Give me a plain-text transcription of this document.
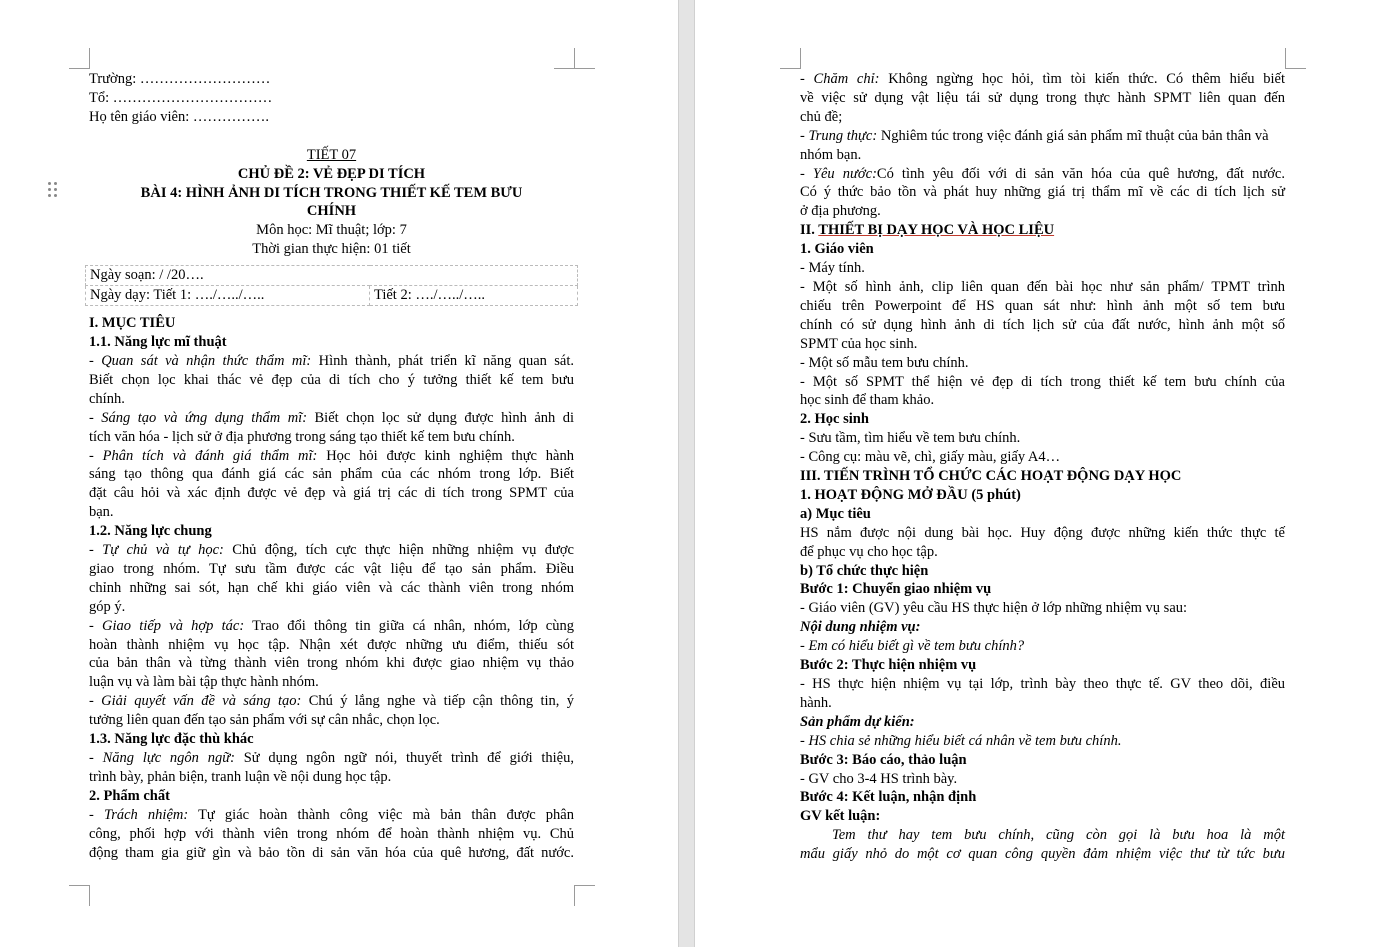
Trường: ………………………
Tổ: ……………………………
Họ tên giáo viên: …………….
TIẾT 07
CHỦ ĐỀ 2: VẺ ĐẸP DI TÍCH
BÀI 4: HÌNH ẢNH DI TÍCH TRONG THIẾT KẾ TEM BƯU
CHÍNH
Môn học: Mĩ thuật; lớp: 7
Thời gian thực hiện: 01 tiết
Ngày soạn: / /20….
Ngày dạy: Tiết 1: …./…../…..	Tiết 2: …./…../…..
I. MỤC TIÊU
1.1. Năng lực mĩ thuật
- Quan sát và nhận thức thẩm mĩ: Hình thành, phát triển kĩ năng quan sát.
Biết chọn lọc khai thác vẻ đẹp của di tích cho ý tưởng thiết kế tem bưu
chính.
- Sáng tạo và ứng dụng thẩm mĩ: Biết chọn lọc sử dụng được hình ảnh di
tích văn hóa - lịch sử ở địa phương trong sáng tạo thiết kế tem bưu chính.
- Phân tích và đánh giá thẩm mĩ: Học hỏi được kinh nghiệm thực hành
sáng tạo thông qua đánh giá các sản phẩm của các nhóm trong lớp. Biết
đặt câu hỏi và xác định được vẻ đẹp và giá trị các di tích trong SPMT của
bạn.
1.2. Năng lực chung
- Tự chủ và tự học: Chủ động, tích cực thực hiện những nhiệm vụ được
giao trong nhóm. Tự sưu tầm được các vật liệu để tạo sản phẩm. Điều
chỉnh những sai sót, hạn chế khi giáo viên và các thành viên trong nhóm
góp ý.
- Giao tiếp và hợp tác: Trao đổi thông tin giữa cá nhân, nhóm, lớp cùng
hoàn thành nhiệm vụ học tập. Nhận xét được những ưu điểm, thiếu sót
của bản thân và từng thành viên trong nhóm khi được giao nhiệm vụ thảo
luận vụ và làm bài tập thực hành nhóm.
- Giải quyết vấn đề và sáng tạo: Chú ý lắng nghe và tiếp cận thông tin, ý
tưởng liên quan đến tạo sản phẩm với sự cân nhắc, chọn lọc.
1.3. Năng lực đặc thù khác
- Năng lực ngôn ngữ: Sử dụng ngôn ngữ nói, thuyết trình để giới thiệu,
trình bày, phản biện, tranh luận về nội dung học tập.
2. Phẩm chất
- Trách nhiệm: Tự giác hoàn thành công việc mà bản thân được phân
công, phối hợp với thành viên trong nhóm để hoàn thành nhiệm vụ. Chủ
động tham gia giữ gìn và bảo tồn di sản văn hóa của quê hương, đất nước.
- Chăm chỉ: Không ngừng học hỏi, tìm tòi kiến thức. Có thêm hiểu biết
về việc sử dụng vật liệu tái sử dụng trong thực hành SPMT liên quan đến
chủ đề;
- Trung thực: Nghiêm túc trong việc đánh giá sản phẩm mĩ thuật của bản thân và
nhóm bạn.
- Yêu nước:Có tình yêu đối với di sản văn hóa của quê hương, đất nước.
Có ý thức bảo tồn và phát huy những giá trị thẩm mĩ về các di tích lịch sử
ở địa phương.
II. THIẾT BỊ DẠY HỌC VÀ HỌC LIỆU
1. Giáo viên
- Máy tính.
- Một số hình ảnh, clip liên quan đến bài học như sản phẩm/ TPMT trình
chiếu trên Powerpoint để HS quan sát như: hình ảnh một số tem bưu
chính có sử dụng hình ảnh di tích lịch sử của đất nước, hình ảnh một số
SPMT của học sinh.
- Một số mẫu tem bưu chính.
- Một số SPMT thể hiện vẻ đẹp di tích trong thiết kế tem bưu chính của
học sinh để tham khảo.
2. Học sinh
- Sưu tầm, tìm hiểu về tem bưu chính.
- Công cụ: màu vẽ, chì, giấy màu, giấy A4…
III. TIẾN TRÌNH TỔ CHỨC CÁC HOẠT ĐỘNG DẠY HỌC
1. HOẠT ĐỘNG MỞ ĐẦU (5 phút)
a) Mục tiêu
HS nắm được nội dung bài học. Huy động được những kiến thức thực tế
để phục vụ cho học tập.
b) Tổ chức thực hiện
Bước 1: Chuyển giao nhiệm vụ
- Giáo viên (GV) yêu cầu HS thực hiện ở lớp những nhiệm vụ sau:
Nội dung nhiệm vụ:
- Em có hiểu biết gì về tem bưu chính?
Bước 2: Thực hiện nhiệm vụ
- HS thực hiện nhiệm vụ tại lớp, trình bày theo thực tế. GV theo dõi, điều
hành.
Sản phẩm dự kiến:
- HS chia sẻ những hiểu biết cá nhân về tem bưu chính.
Bước 3: Báo cáo, thảo luận
- GV cho 3-4 HS trình bày.
Bước 4: Kết luận, nhận định
GV kết luận:
Tem thư hay tem bưu chính, cũng còn gọi là bưu hoa là một
mẩu giấy nhỏ do một cơ quan công quyền đảm nhiệm việc thư từ tức bưu
